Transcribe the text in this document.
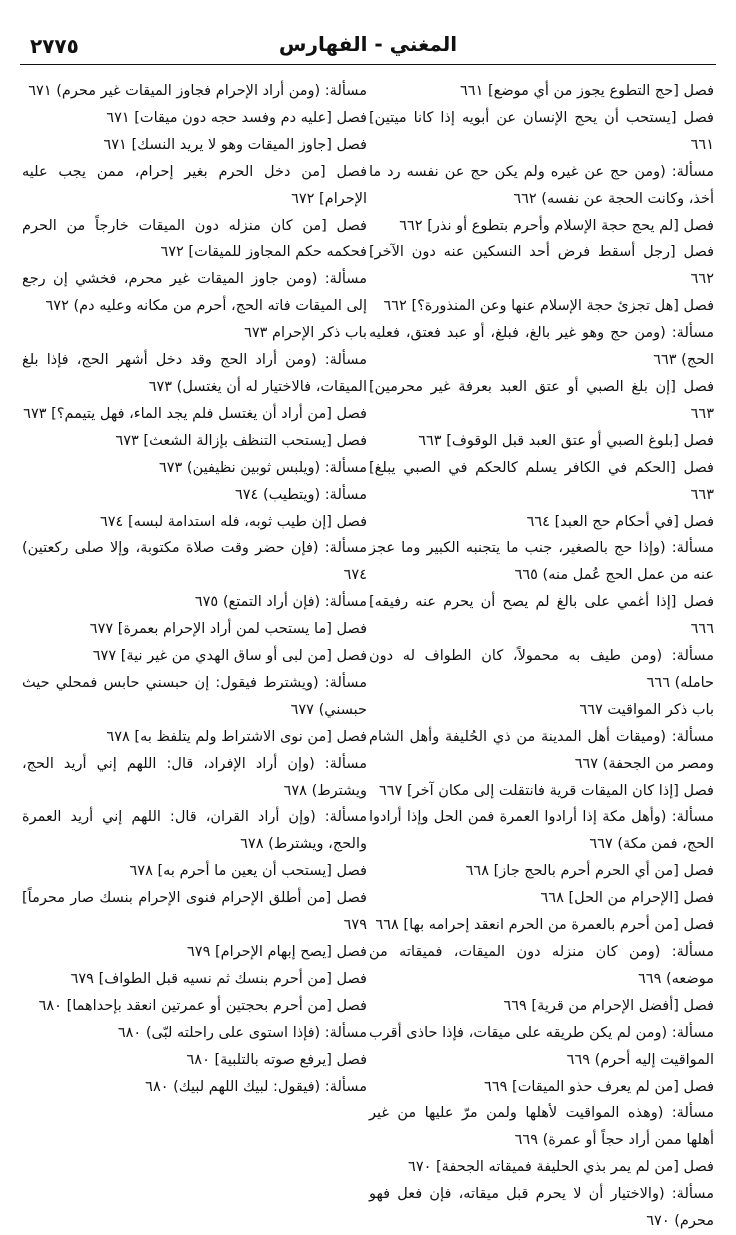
٢٧٧٥	المغني - الفهارس

فصل [حج التطوع يجوز من أي موضع] ٦٦١

فصل [يستحب أن يحج الإنسان عن أبويه إذا كانا ميتين] ٦٦١

مسألة: (ومن حج عن غيره ولم يكن حج عن نفسه رد ما أخذ، وكانت الحجة عن نفسه) ٦٦٢

فصل [لم يحج حجة الإسلام وأحرم بتطوع أو نذر] ٦٦٢

فصل [رجل أسقط فرض أحد النسكين عنه دون الآخر] ٦٦٢

فصل [هل تجزئ حجة الإسلام عنها وعن المنذورة؟] ٦٦٢

مسألة: (ومن حج وهو غير بالغ، فبلغ، أو عبد فعتق، فعليه الحج) ٦٦٣

فصل [إن بلغ الصبي أو عتق العبد بعرفة غير محرمين] ٦٦٣

فصل [بلوغ الصبي أو عتق العبد قبل الوقوف] ٦٦٣

فصل [الحكم في الكافر يسلم كالحكم في الصبي يبلغ] ٦٦٣

فصل [في أحكام حج العبد] ٦٦٤

مسألة: (وإذا حج بالصغير، جنب ما يتجنبه الكبير وما عجز عنه من عمل الحج عُمل منه) ٦٦٥

فصل [إذا أغمي على بالغ لم يصح أن يحرم عنه رفيقه] ٦٦٦

مسألة: (ومن طيف به محمولاً، كان الطواف له دون حامله) ٦٦٦

باب ذكر المواقيت ٦٦٧

مسألة: (وميقات أهل المدينة من ذي الحُليفة وأهل الشام ومصر من الجحفة) ٦٦٧

فصل [إذا كان الميقات قرية فانتقلت إلى مكان آخر] ٦٦٧

مسألة: (وأهل مكة إذا أرادوا العمرة فمن الحل وإذا أرادوا الحج، فمن مكة) ٦٦٧

فصل [من أي الحرم أحرم بالحج جاز] ٦٦٨

فصل [الإحرام من الحل] ٦٦٨

فصل [من أحرم بالعمرة من الحرم انعقد إحرامه بها] ٦٦٨

مسألة: (ومن كان منزله دون الميقات، فميقاته من موضعه) ٦٦٩

فصل [أفضل الإحرام من قرية] ٦٦٩

مسألة: (ومن لم يكن طريقه على ميقات، فإذا حاذى أقرب المواقيت إليه أحرم) ٦٦٩

فصل [من لم يعرف حذو الميقات] ٦٦٩

مسألة: (وهذه المواقيت لأهلها ولمن مرّ عليها من غير أهلها ممن أراد حجاً أو عمرة) ٦٦٩

فصل [من لم يمر بذي الحليفة فميقاته الجحفة] ٦٧٠

مسألة: (والاختيار أن لا يحرم قبل ميقاته، فإن فعل فهو محرم) ٦٧٠

مسألة: (ومن أراد الإحرام فجاوز الميقات غير محرم) ٦٧١

فصل [عليه دم وفسد حجه دون ميقات] ٦٧١

فصل [جاوز الميقات وهو لا يريد النسك] ٦٧١

فصل [من دخل الحرم بغير إحرام، ممن يجب عليه الإحرام] ٦٧٢

فصل [من كان منزله دون الميقات خارجاً من الحرم فحكمه حكم المجاوز للميقات] ٦٧٢

مسألة: (ومن جاوز الميقات غير محرم، فخشي إن رجع إلى الميقات فاته الحج، أحرم من مكانه وعليه دم) ٦٧٢

باب ذكر الإحرام ٦٧٣

مسألة: (ومن أراد الحج وقد دخل أشهر الحج، فإذا بلغ الميقات، فالاختيار له أن يغتسل) ٦٧٣

فصل [من أراد أن يغتسل فلم يجد الماء، فهل يتيمم؟] ٦٧٣

فصل [يستحب التنظف بإزالة الشعث] ٦٧٣

مسألة: (ويلبس ثوبين نظيفين) ٦٧٣

مسألة: (ويتطيب) ٦٧٤

فصل [إن طيب ثوبه، فله استدامة لبسه] ٦٧٤

مسألة: (فإن حضر وقت صلاة مكتوبة، وإلا صلى ركعتين) ٦٧٤

مسألة: (فإن أراد التمتع) ٦٧٥

فصل [ما يستحب لمن أراد الإحرام بعمرة] ٦٧٧

فصل [من لبى أو ساق الهدي من غير نية] ٦٧٧

مسألة: (ويشترط فيقول: إن حبسني حابس فمحلي حيث حبسني) ٦٧٧

فصل [من نوى الاشتراط ولم يتلفظ به] ٦٧٨

مسألة: (وإن أراد الإفراد، قال: اللهم إني أريد الحج، ويشترط) ٦٧٨

مسألة: (وإن أراد القران، قال: اللهم إني أريد العمرة والحج، ويشترط) ٦٧٨

فصل [يستحب أن يعين ما أحرم به] ٦٧٨

فصل [من أطلق الإحرام فنوى الإحرام بنسك صار محرماً] ٦٧٩

فصل [يصح إبهام الإحرام] ٦٧٩

فصل [من أحرم بنسك ثم نسيه قبل الطواف] ٦٧٩

فصل [من أحرم بحجتين أو عمرتين انعقد بإحداهما] ٦٨٠

مسألة: (فإذا استوى على راحلته لبّى) ٦٨٠

فصل [يرفع صوته بالتلبية] ٦٨٠

مسألة: (فيقول: لبيك اللهم لبيك) ٦٨٠
